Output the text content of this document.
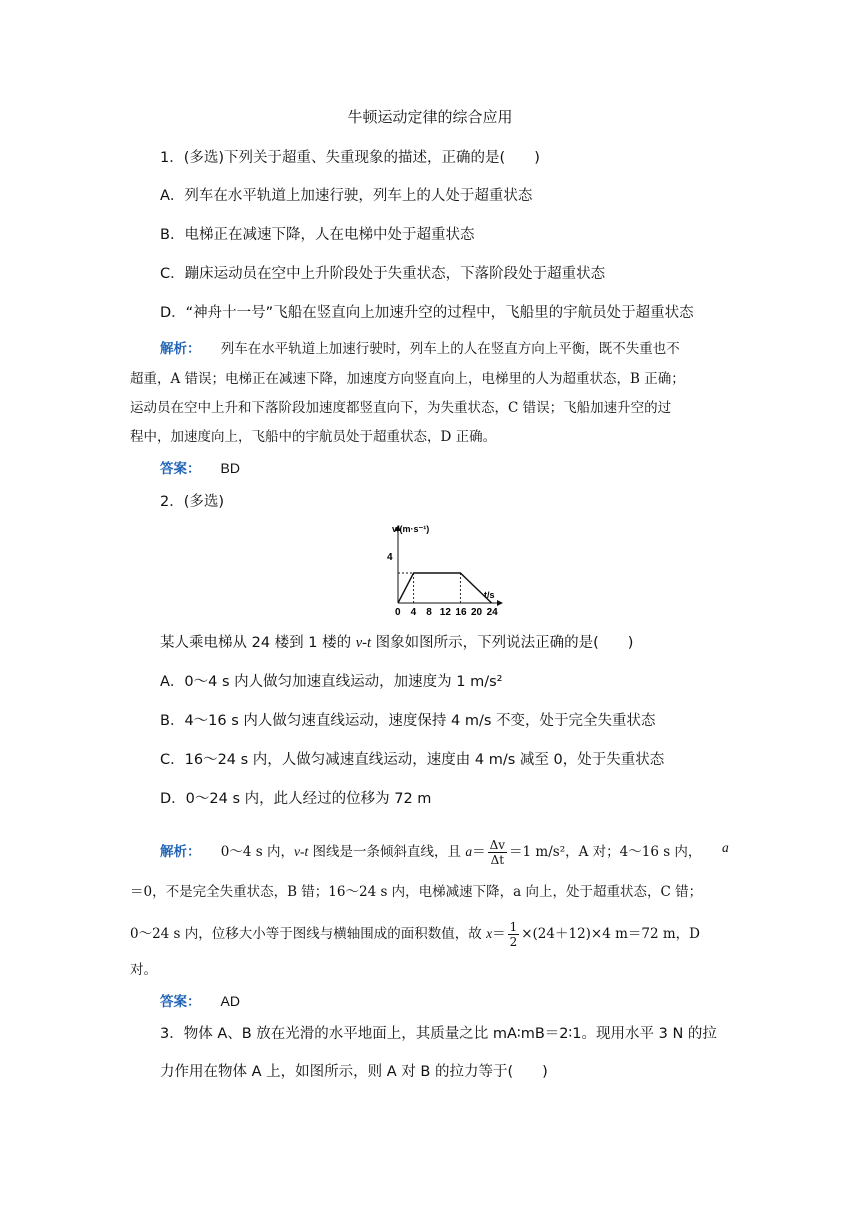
牛顿运动定律的综合应用
1．(多选)下列关于超重、失重现象的描述，正确的是(　　)
A．列车在水平轨道上加速行驶，列车上的人处于超重状态
B．电梯正在减速下降，人在电梯中处于超重状态
C．蹦床运动员在空中上升阶段处于失重状态，下落阶段处于超重状态
D．“神舟十一号”飞船在竖直向上加速升空的过程中，飞船里的宇航员处于超重状态
解析： 列车在水平轨道上加速行驶时，列车上的人在竖直方向上平衡，既不失重也不
超重，A 错误；电梯正在减速下降，加速度方向竖直向上，电梯里的人为超重状态，B 正确；
运动员在空中上升和下落阶段加速度都竖直向下，为失重状态，C 错误；飞船加速升空的过
程中，加速度向上，飞船中的宇航员处于超重状态，D 正确。
答案： BD
2．(多选)
v/(m·s⁻¹)
t/s
4
0 4 8 12 16 20 24
某人乘电梯从 24 楼到 1 楼的 v-t 图象如图所示，下列说法正确的是(　　)
A．0～4 s 内人做匀加速直线运动，加速度为 1 m/s²
B．4～16 s 内人做匀速直线运动，速度保持 4 m/s 不变，处于完全失重状态
C．16～24 s 内，人做匀减速直线运动，速度由 4 m/s 减至 0，处于失重状态
D．0～24 s 内，此人经过的位移为 72 m
解析： 0～4 s 内，v-t 图线是一条倾斜直线，且 $a= \frac{\Delta v}{\Delta t} =1$ m/s²，A 对；4～16 s 内， a
＝0，不是完全失重状态，B 错；16～24 s 内，电梯减速下降，a 向上，处于超重状态，C 错；
0～24 s 内，位移大小等于图线与横轴围成的面积数值，故 $x= \frac{1}{2} \times(24+12)\times 4$ m＝72 m，D
对。
答案： AD
3．物体 A、B 放在光滑的水平地面上，其质量之比 mA∶mB＝2∶1。现用水平 3 N 的拉
力作用在物体 A 上，如图所示，则 A 对 B 的拉力等于(　　)
